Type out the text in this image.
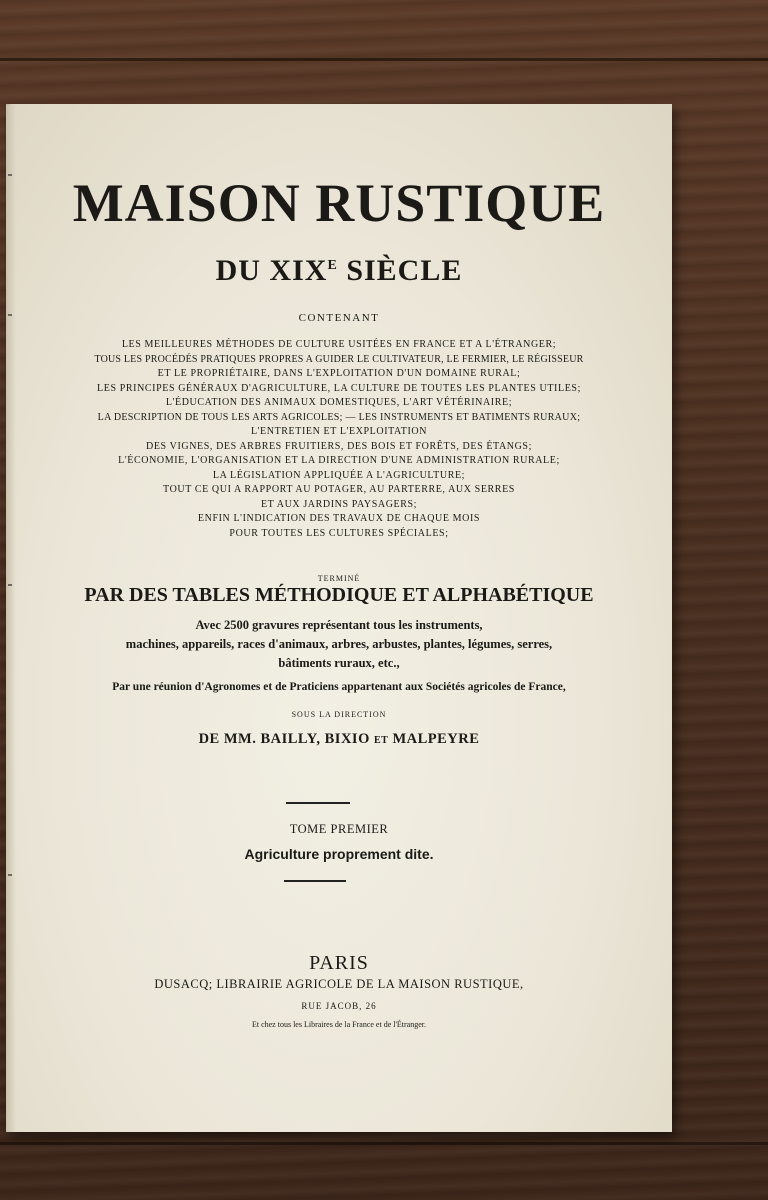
MAISON RUSTIQUE
DU $XIX^E$ SIÈCLE
CONTENANT
LES MEILLEURES MÉTHODES DE CULTURE USITÉES EN FRANCE ET A L'ÉTRANGER;
TOUS LES PROCÉDÉS PRATIQUES PROPRES A GUIDER LE CULTIVATEUR, LE FERMIER, LE RÉGISSEUR
ET LE PROPRIÉTAIRE, DANS L'EXPLOITATION D'UN DOMAINE RURAL;
LES PRINCIPES GÉNÉRAUX D'AGRICULTURE, LA CULTURE DE TOUTES LES PLANTES UTILES;
L'ÉDUCATION DES ANIMAUX DOMESTIQUES, L'ART VÉTÉRINAIRE;
LA DESCRIPTION DE TOUS LES ARTS AGRICOLES; — LES INSTRUMENTS ET BATIMENTS RURAUX;
L'ENTRETIEN ET L'EXPLOITATION
DES VIGNES, DES ARBRES FRUITIERS, DES BOIS ET FORÊTS, DES ÉTANGS;
L'ÉCONOMIE, L'ORGANISATION ET LA DIRECTION D'UNE ADMINISTRATION RURALE;
LA LÉGISLATION APPLIQUÉE A L'AGRICULTURE;
TOUT CE QUI A RAPPORT AU POTAGER, AU PARTERRE, AUX SERRES
ET AUX JARDINS PAYSAGERS;
ENFIN L'INDICATION DES TRAVAUX DE CHAQUE MOIS
POUR TOUTES LES CULTURES SPÉCIALES;
TERMINÉ
PAR DES TABLES MÉTHODIQUE ET ALPHABÉTIQUE
Avec 2500 gravures représentant tous les instruments,
machines, appareils, races d'animaux, arbres, arbustes, plantes, légumes, serres,
bâtiments ruraux, etc.,
Par une réunion d'Agronomes et de Praticiens appartenant aux Sociétés agricoles de France,
SOUS LA DIRECTION
DE MM. BAILLY, BIXIO ET MALPEYRE
TOME PREMIER
Agriculture proprement dite.
PARIS
DUSACQ; LIBRAIRIE AGRICOLE DE LA MAISON RUSTIQUE,
RUE JACOB, 26
Et chez tous les Libraires de la France et de l'Étranger.
